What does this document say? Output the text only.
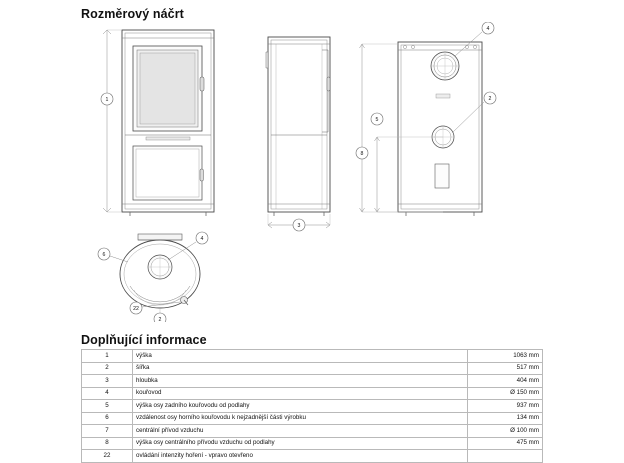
Rozměrový náčrt
1
3
4
2
5
8
6
4
22
2
Doplňující informace
1	výška	1063 mm
2	šířka	517 mm
3	hloubka	404 mm
4	kouřovod	Ø 150 mm
5	výška osy zadního kouřovodu od podlahy	937 mm
6	vzdálenost osy horního kouřovodu k nejzadnější části výrobku	134 mm
7	centrální přívod vzduchu	Ø 100 mm
8	výška osy centrálního přívodu vzduchu od podlahy	475 mm
22	ovládání intenzity hoření - vpravo otevřeno	
